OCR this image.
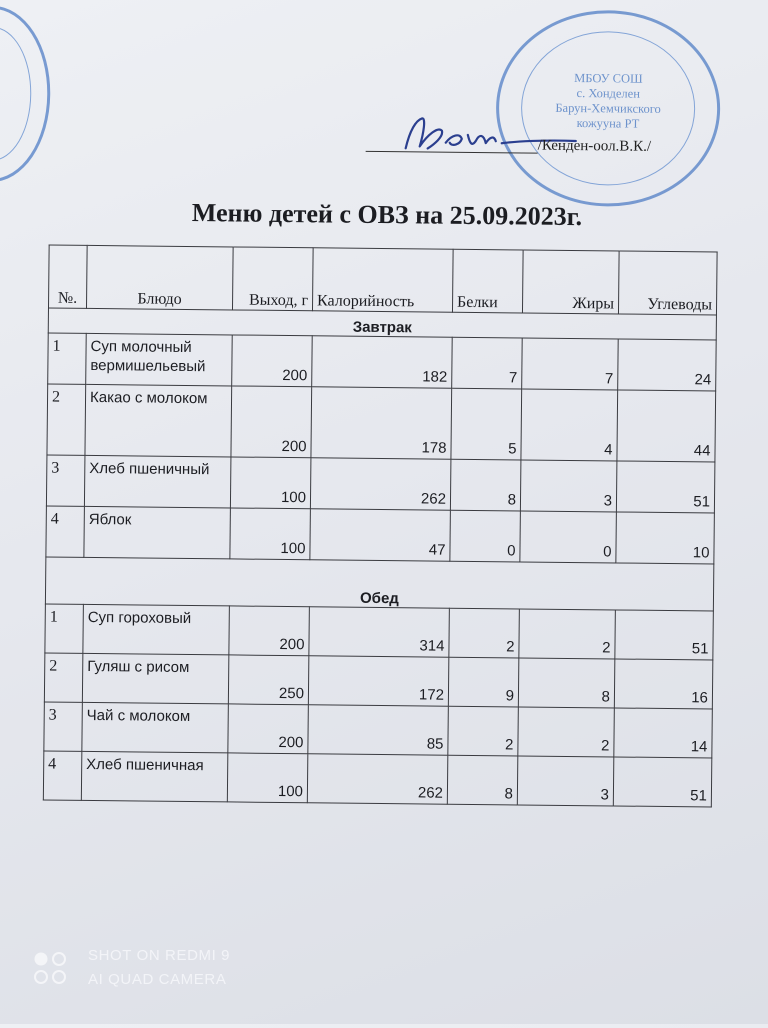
МБОУ СОШ
с. Хонделен
Барун-Хемчикского
кожууна РТ
/Кенден-оол.В.К./
Меню детей с ОВЗ на 25.09.2023г.
№.	Блюдо	Выход, г	Калорийность	Белки	Жиры	Углеводы
Завтрак						
1	Суп молочный вермишельевый	200	182	7	7	24
2	Какао с молоком	200	178	5	4	44
3	Хлеб пшеничный	100	262	8	3	51
4	Яблок	100	47	0	0	10
Обед						
1	Суп гороховый	200	314	2	2	51
2	Гуляш с рисом	250	172	9	8	16
3	Чай с молоком	200	85	2	2	14
4	Хлеб пшеничная	100	262	8	3	51
SHOT ON REDMI 9
AI QUAD CAMERA
